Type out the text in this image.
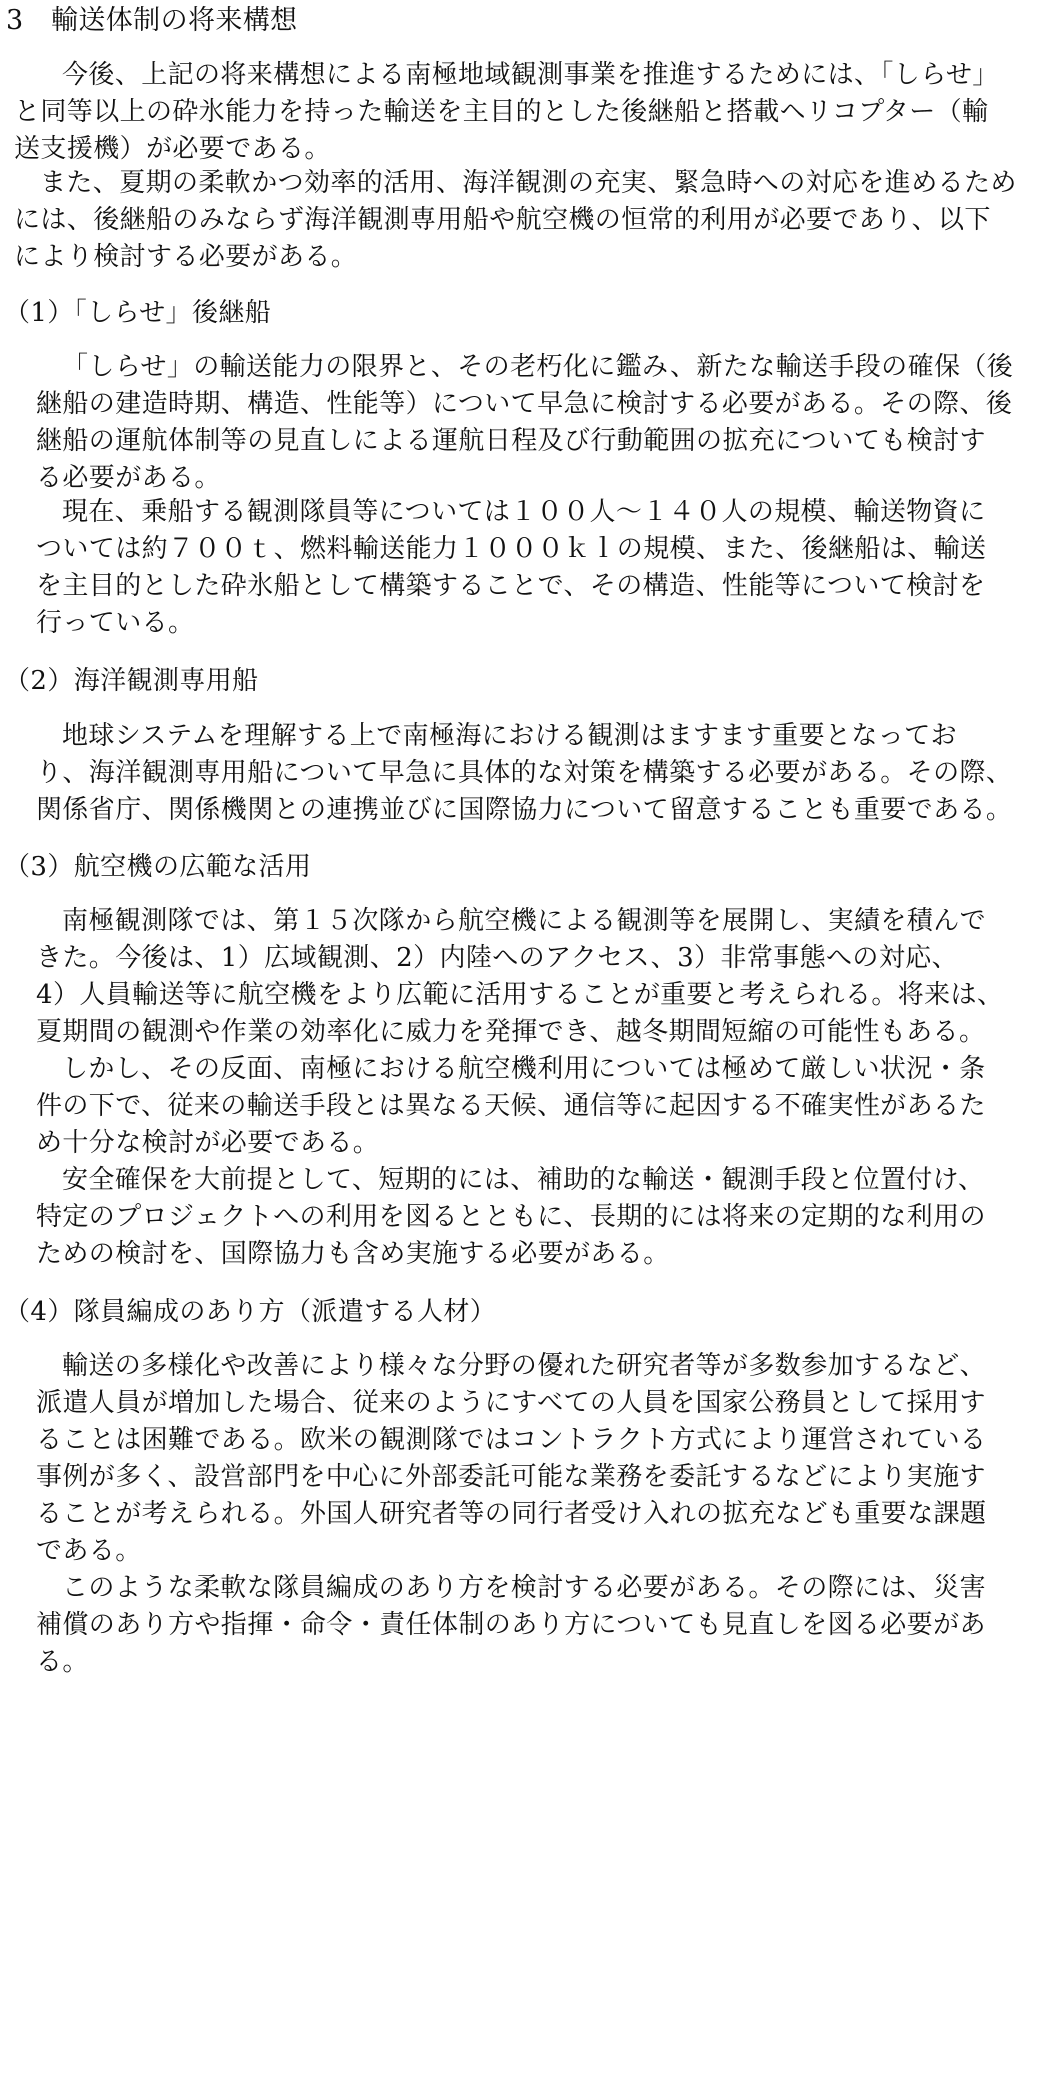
3　輸送体制の将来構想
今後、上記の将来構想による南極地域観測事業を推進するためには、「しらせ」
と同等以上の砕氷能力を持った輸送を主目的とした後継船と搭載ヘリコプター（輸
送支援機）が必要である。
また、夏期の柔軟かつ効率的活用、海洋観測の充実、緊急時への対応を進めるため
には、後継船のみならず海洋観測専用船や航空機の恒常的利用が必要であり、以下
により検討する必要がある。
（1）「しらせ」後継船
「しらせ」の輸送能力の限界と、その老朽化に鑑み、新たな輸送手段の確保（後
継船の建造時期、構造、性能等）について早急に検討する必要がある。その際、後
継船の運航体制等の見直しによる運航日程及び行動範囲の拡充についても検討す
る必要がある。
現在、乗船する観測隊員等については１００人～１４０人の規模、輸送物資に
ついては約７００ｔ、燃料輸送能力１０００ｋｌの規模、また、後継船は、輸送
を主目的とした砕氷船として構築することで、その構造、性能等について検討を
行っている。
（2）海洋観測専用船
地球システムを理解する上で南極海における観測はますます重要となってお
り、海洋観測専用船について早急に具体的な対策を構築する必要がある。その際、
関係省庁、関係機関との連携並びに国際協力について留意することも重要である。
（3）航空機の広範な活用
南極観測隊では、第１５次隊から航空機による観測等を展開し、実績を積んで
きた。今後は、1）広域観測、2）内陸へのアクセス、3）非常事態への対応、
4）人員輸送等に航空機をより広範に活用することが重要と考えられる。将来は、
夏期間の観測や作業の効率化に威力を発揮でき、越冬期間短縮の可能性もある。
しかし、その反面、南極における航空機利用については極めて厳しい状況・条
件の下で、従来の輸送手段とは異なる天候、通信等に起因する不確実性があるた
め十分な検討が必要である。
安全確保を大前提として、短期的には、補助的な輸送・観測手段と位置付け、
特定のプロジェクトへの利用を図るとともに、長期的には将来の定期的な利用の
ための検討を、国際協力も含め実施する必要がある。
（4）隊員編成のあり方（派遣する人材）
輸送の多様化や改善により様々な分野の優れた研究者等が多数参加するなど、
派遣人員が増加した場合、従来のようにすべての人員を国家公務員として採用す
ることは困難である。欧米の観測隊ではコントラクト方式により運営されている
事例が多く、設営部門を中心に外部委託可能な業務を委託するなどにより実施す
ることが考えられる。外国人研究者等の同行者受け入れの拡充なども重要な課題
である。
このような柔軟な隊員編成のあり方を検討する必要がある。その際には、災害
補償のあり方や指揮・命令・責任体制のあり方についても見直しを図る必要があ
る。
